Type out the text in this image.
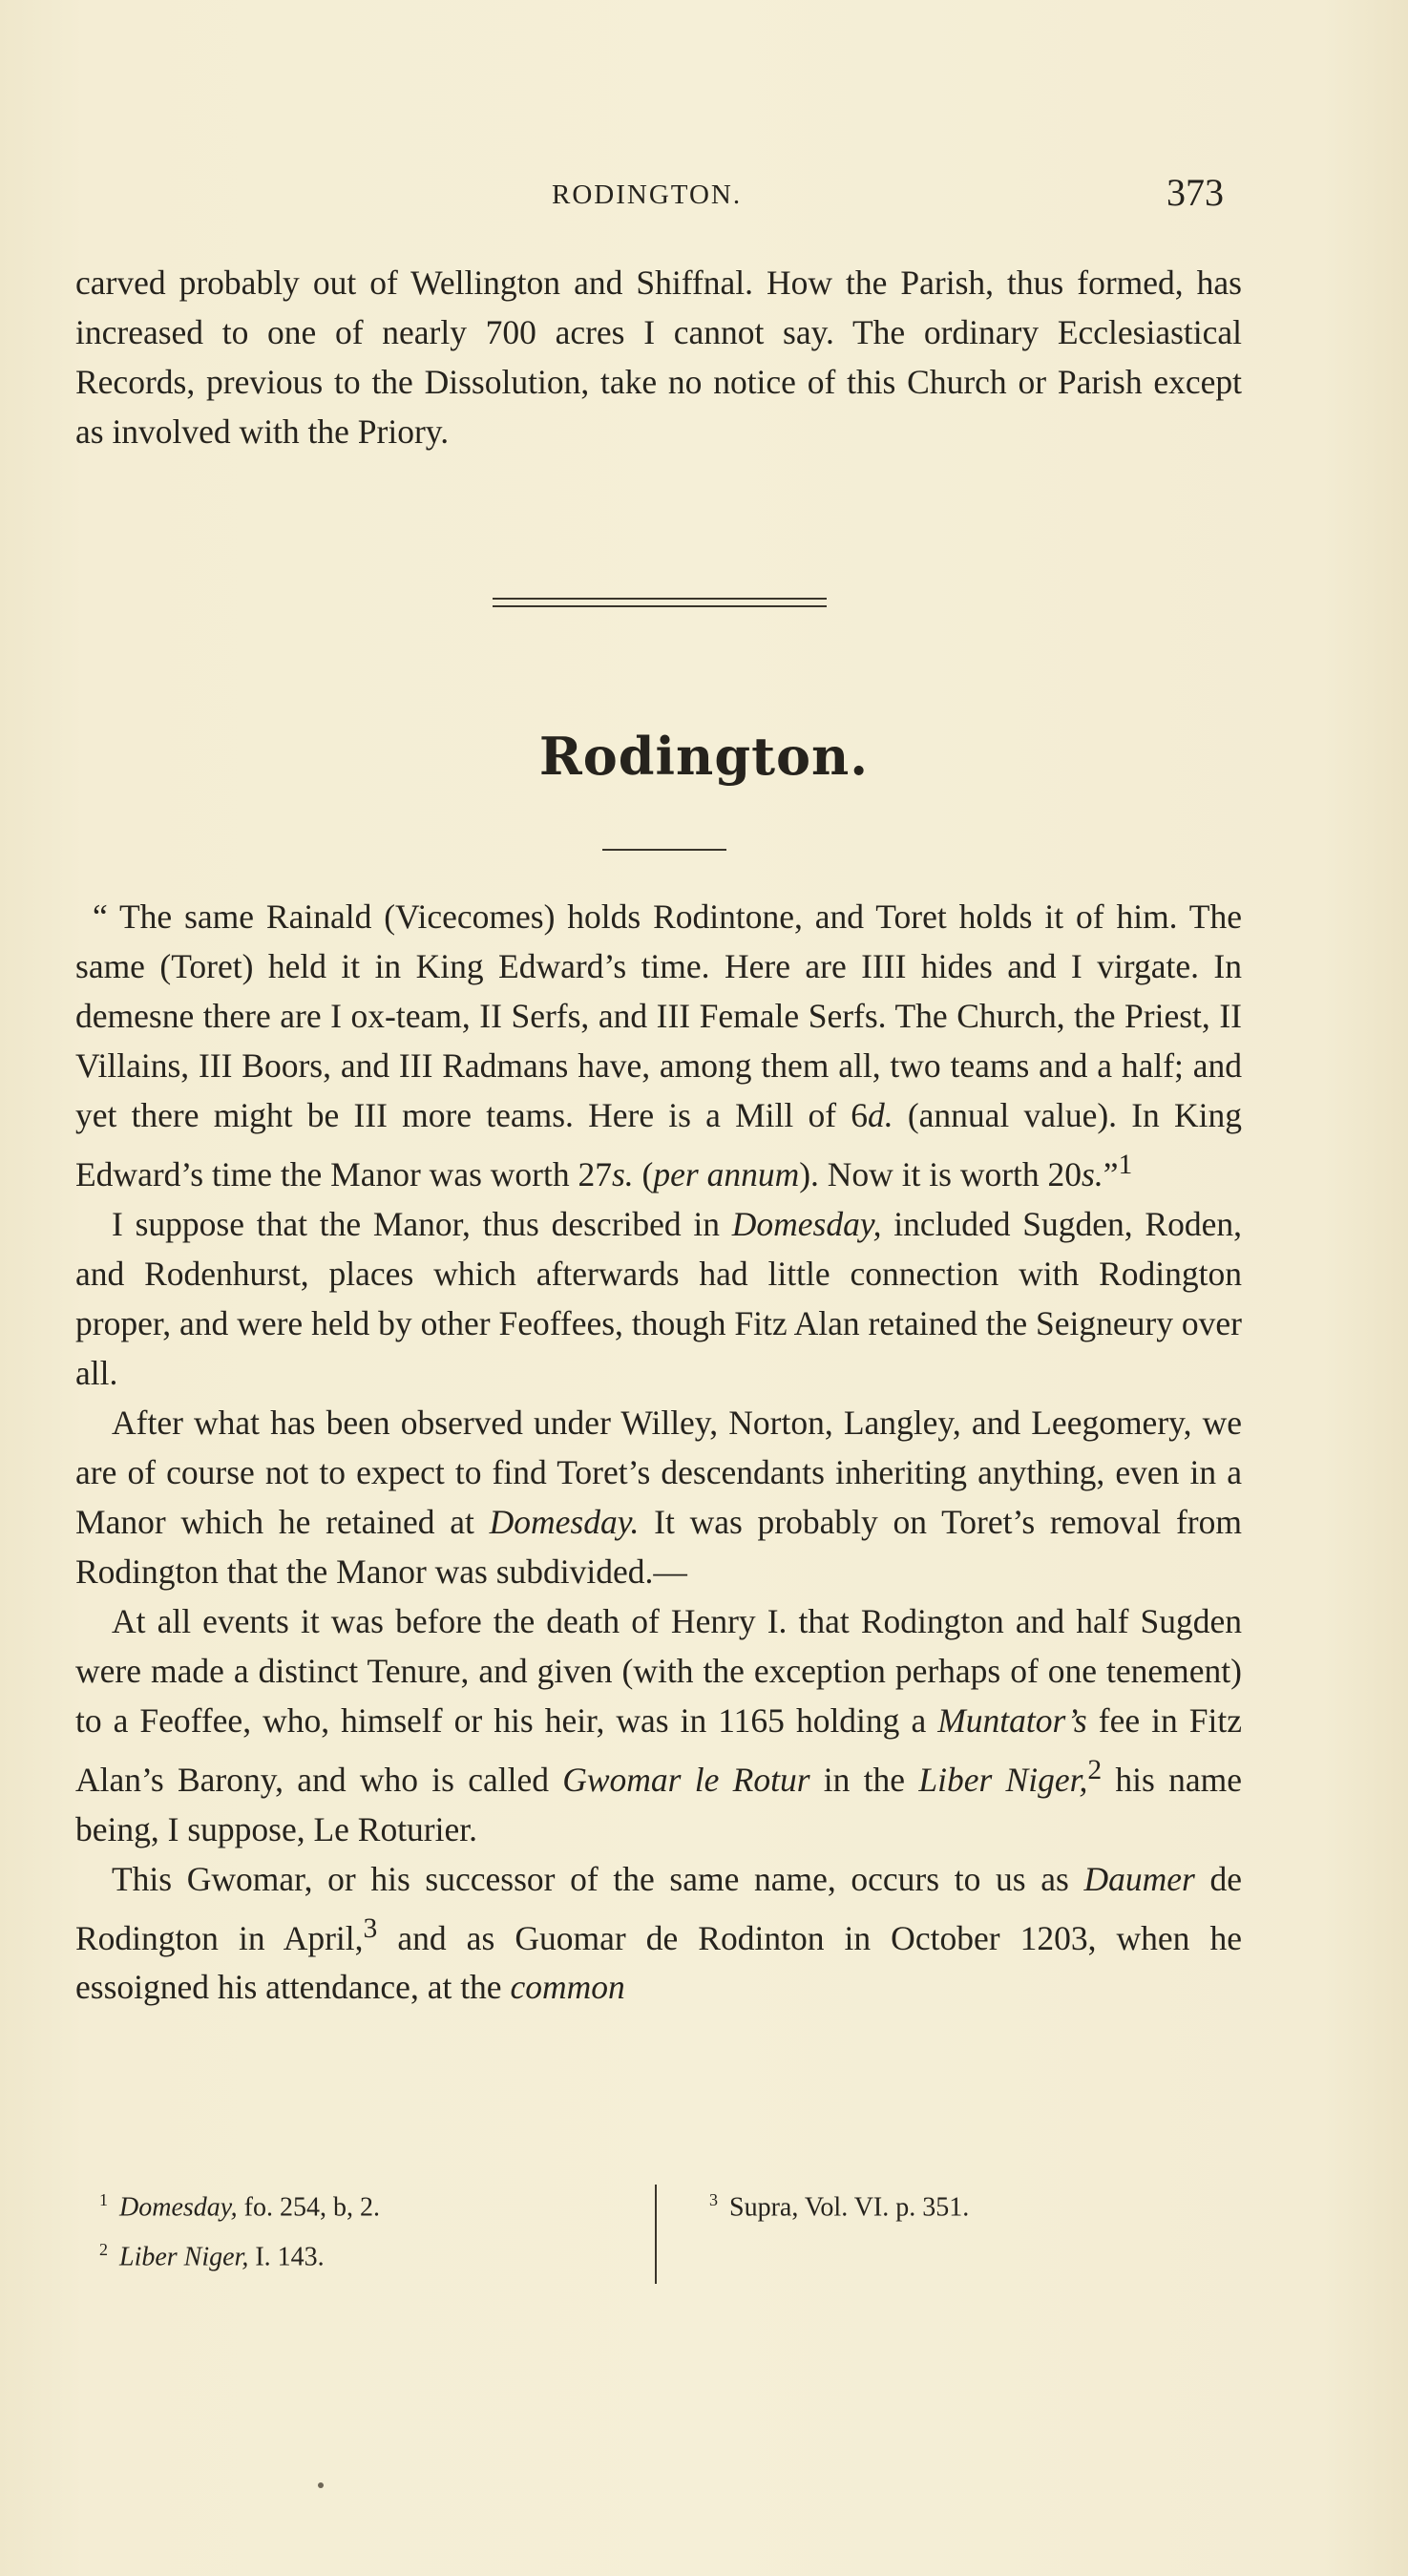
RODINGTON.	373

carved probably out of Wellington and Shiffnal. How the Parish, thus formed, has increased to one of nearly 700 acres I cannot say. The ordinary Ecclesiastical Records, previous to the Dissolution, take no notice of this Church or Parish except as involved with the Priory.

Rodington.

“ The same Rainald (Vicecomes) holds Rodintone, and Toret holds it of him. The same (Toret) held it in King Edward’s time. Here are IIII hides and I virgate. In demesne there are I ox-team, II Serfs, and III Female Serfs. The Church, the Priest, II Villains, III Boors, and III Radmans have, among them all, two teams and a half; and yet there might be III more teams. Here is a Mill of 6d. (annual value). In King Edward’s time the Manor was worth 27s. (per annum). Now it is worth 20s.”$^1$

I suppose that the Manor, thus described in Domesday, included Sugden, Roden, and Rodenhurst, places which afterwards had little connection with Rodington proper, and were held by other Feoffees, though Fitz Alan retained the Seigneury over all.

After what has been observed under Willey, Norton, Langley, and Leegomery, we are of course not to expect to find Toret’s descendants inheriting anything, even in a Manor which he retained at Domesday. It was probably on Toret’s removal from Rodington that the Manor was subdivided.—

At all events it was before the death of Henry I. that Rodington and half Sugden were made a distinct Tenure, and given (with the exception perhaps of one tenement) to a Feoffee, who, himself or his heir, was in 1165 holding a Muntator’s fee in Fitz Alan’s Barony, and who is called Gwomar le Rotur in the Liber Niger,$^2$ his name being, I suppose, Le Roturier.

This Gwomar, or his successor of the same name, occurs to us as Daumer de Rodington in April,$^3$ and as Guomar de Rodinton in October 1203, when he essoigned his attendance, at the common

$^1$ Domesday, fo. 254, b, 2.
$^2$ Liber Niger, I. 143.
$^3$ Supra, Vol. VI. p. 351.
